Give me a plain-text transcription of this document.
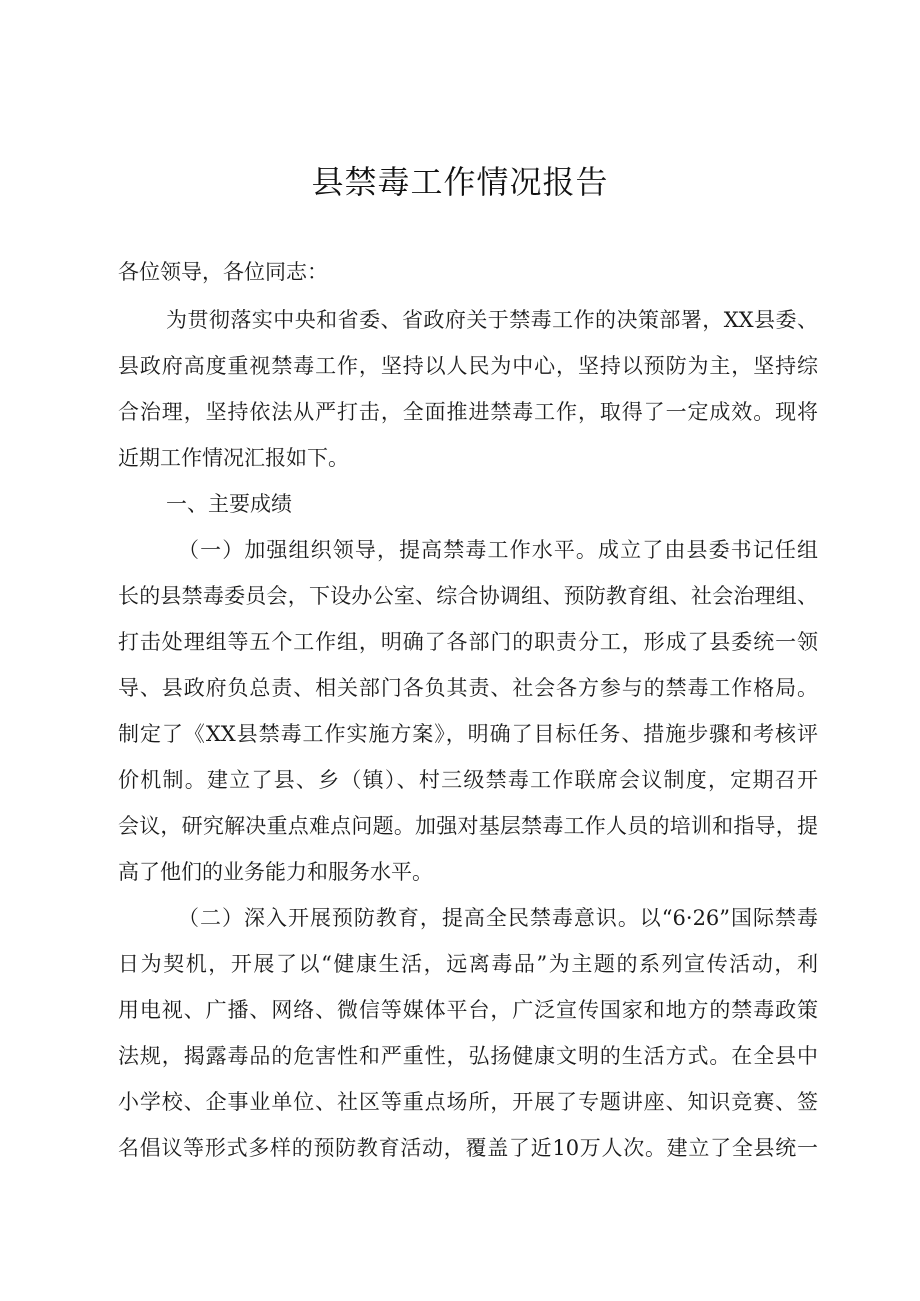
县禁毒工作情况报告
各位领导，各位同志：
为贯彻落实中央和省委、省政府关于禁毒工作的决策部署，XX县委、
县政府高度重视禁毒工作，坚持以人民为中心，坚持以预防为主，坚持综
合治理，坚持依法从严打击，全面推进禁毒工作，取得了一定成效。现将
近期工作情况汇报如下。
一、主要成绩
（一）加强组织领导，提高禁毒工作水平。成立了由县委书记任组
长的县禁毒委员会，下设办公室、综合协调组、预防教育组、社会治理组、
打击处理组等五个工作组，明确了各部门的职责分工，形成了县委统一领
导、县政府负总责、相关部门各负其责、社会各方参与的禁毒工作格局。
制定了《XX县禁毒工作实施方案》，明确了目标任务、措施步骤和考核评
价机制。建立了县、乡（镇）、村三级禁毒工作联席会议制度，定期召开
会议，研究解决重点难点问题。加强对基层禁毒工作人员的培训和指导，提
高了他们的业务能力和服务水平。
（二）深入开展预防教育，提高全民禁毒意识。以“6·26”国际禁毒
日为契机，开展了以“健康生活，远离毒品”为主题的系列宣传活动，利
用电视、广播、网络、微信等媒体平台，广泛宣传国家和地方的禁毒政策
法规，揭露毒品的危害性和严重性，弘扬健康文明的生活方式。在全县中
小学校、企事业单位、社区等重点场所，开展了专题讲座、知识竞赛、签
名倡议等形式多样的预防教育活动，覆盖了近10万人次。建立了全县统一
